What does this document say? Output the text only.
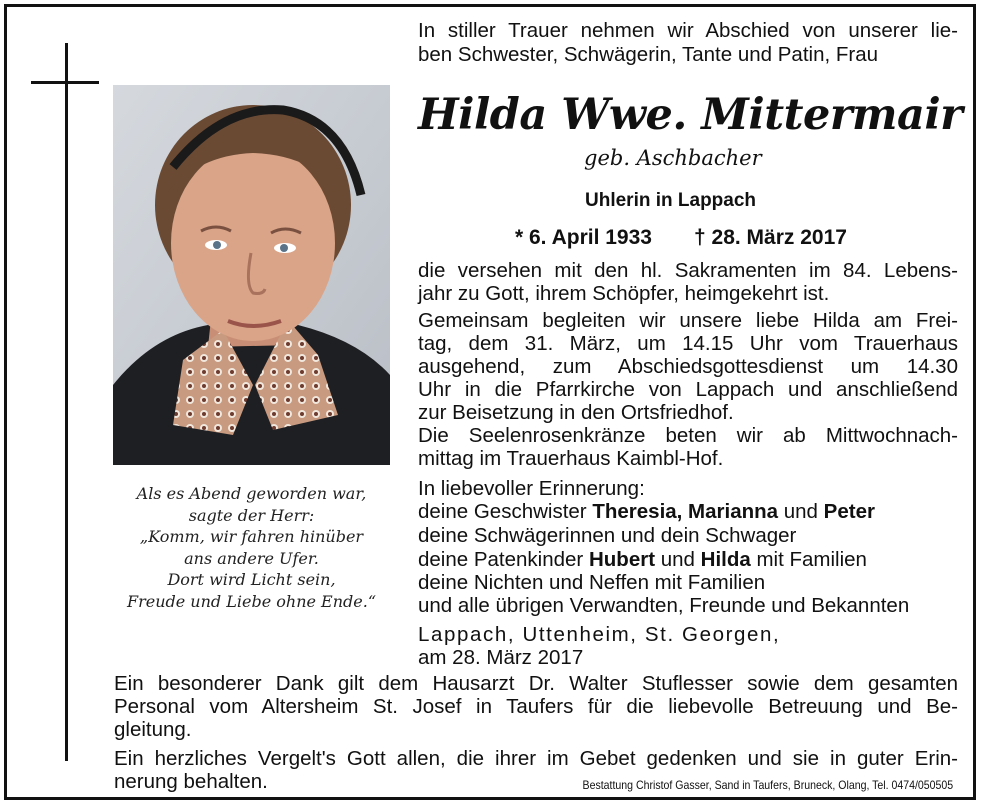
Als es Abend geworden war,
sagte der Herr:
„Komm, wir fahren hinüber
ans andere Ufer.
Dort wird Licht sein,
Freude und Liebe ohne Ende.“
In stiller Trauer nehmen wir Abschied von unserer lie-
ben Schwester, Schwägerin, Tante und Patin, Frau
Hilda Wwe. Mittermair
geb. Aschbacher
Uhlerin in Lappach
* 6. April 1933 † 28. März 2017
die versehen mit den hl. Sakramenten im 84. Lebens-
jahr zu Gott, ihrem Schöpfer, heimgekehrt ist.
Gemeinsam begleiten wir unsere liebe Hilda am Frei-
tag, dem 31. März, um 14.15 Uhr vom Trauerhaus
ausgehend, zum Abschiedsgottesdienst um 14.30
Uhr in die Pfarrkirche von Lappach und anschließend
zur Beisetzung in den Ortsfriedhof.
Die Seelenrosenkränze beten wir ab Mittwochnach-
mittag im Trauerhaus Kaimbl-Hof.
In liebevoller Erinnerung:
deine Geschwister Theresia, Marianna und Peter
deine Schwägerinnen und dein Schwager
deine Patenkinder Hubert und Hilda mit Familien
deine Nichten und Neffen mit Familien
und alle übrigen Verwandten, Freunde und Bekannten
Lappach, Uttenheim, St. Georgen,
am 28. März 2017
Ein besonderer Dank gilt dem Hausarzt Dr. Walter Stuflesser sowie dem gesamten
Personal vom Altersheim St. Josef in Taufers für die liebevolle Betreuung und Be-
gleitung.
Ein herzliches Vergelt's Gott allen, die ihrer im Gebet gedenken und sie in guter Erin-
nerung behalten.	Bestattung Christof Gasser, Sand in Taufers, Bruneck, Olang, Tel. 0474/050505
